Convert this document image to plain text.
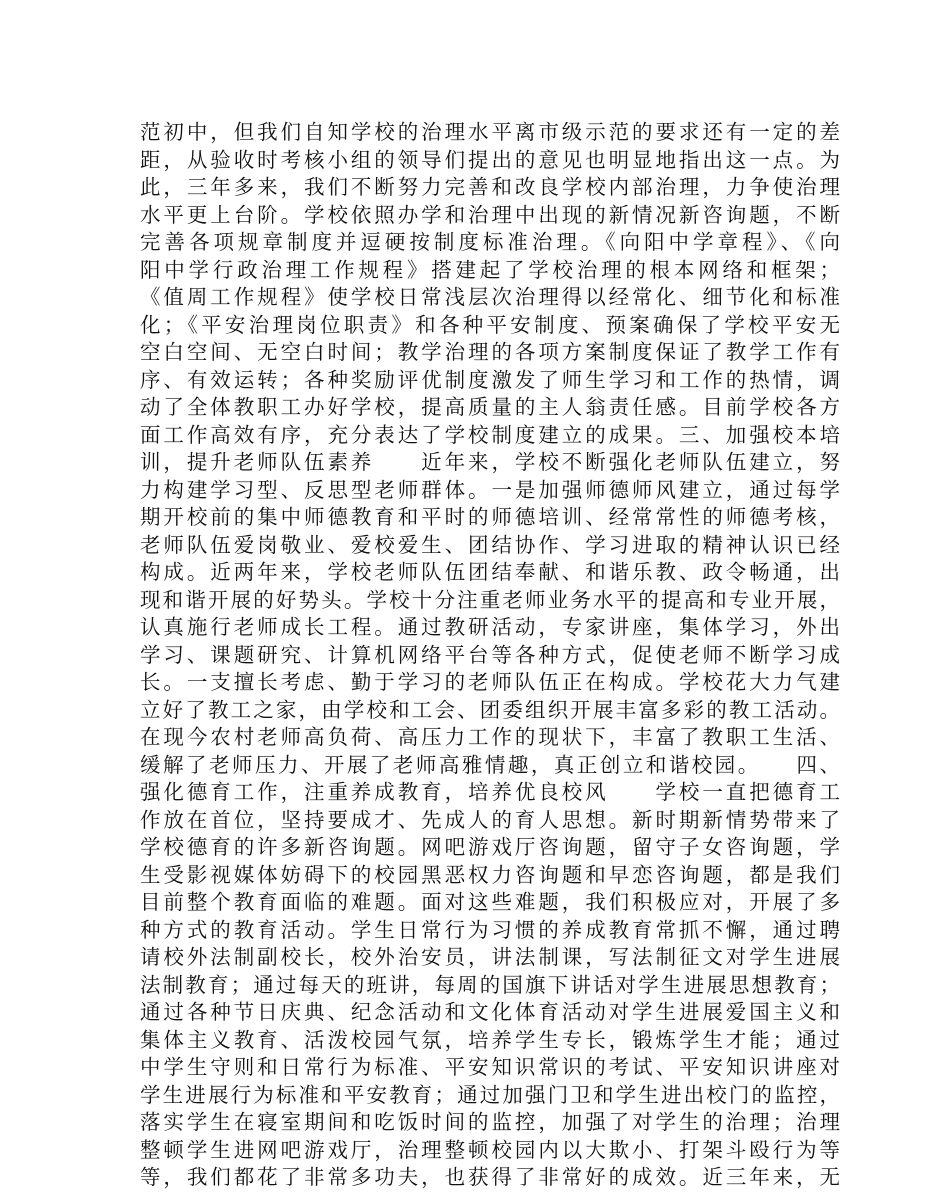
范初中，但我们自知学校的治理水平离市级示范的要求还有一定的差
距，从验收时考核小组的领导们提出的意见也明显地指出这一点。为
此，三年多来，我们不断努力完善和改良学校内部治理，力争使治理
水平更上台阶。学校依照办学和治理中出现的新情况新咨询题，不断
完善各项规章制度并逗硬按制度标准治理。《向阳中学章程》、《向
阳中学行政治理工作规程》搭建起了学校治理的根本网络和框架；
《值周工作规程》使学校日常浅层次治理得以经常化、细节化和标准
化；《平安治理岗位职责》和各种平安制度、预案确保了学校平安无
空白空间、无空白时间；教学治理的各项方案制度保证了教学工作有
序、有效运转；各种奖励评优制度激发了师生学习和工作的热情，调
动了全体教职工办好学校，提高质量的主人翁责任感。目前学校各方
面工作高效有序，充分表达了学校制度建立的成果。三、加强校本培
训，提升老师队伍素养　　近年来，学校不断强化老师队伍建立，努
力构建学习型、反思型老师群体。一是加强师德师风建立，通过每学
期开校前的集中师德教育和平时的师德培训、经常常性的师德考核，
老师队伍爱岗敬业、爱校爱生、团结协作、学习进取的精神认识已经
构成。近两年来，学校老师队伍团结奉献、和谐乐教、政令畅通，出
现和谐开展的好势头。学校十分注重老师业务水平的提高和专业开展，
认真施行老师成长工程。通过教研活动，专家讲座，集体学习，外出
学习、课题研究、计算机网络平台等各种方式，促使老师不断学习成
长。一支擅长考虑、勤于学习的老师队伍正在构成。学校花大力气建
立好了教工之家，由学校和工会、团委组织开展丰富多彩的教工活动。
在现今农村老师高负荷、高压力工作的现状下，丰富了教职工生活、
缓解了老师压力、开展了老师高雅情趣，真正创立和谐校园。　　四、
强化德育工作，注重养成教育，培养优良校风　　学校一直把德育工
作放在首位，坚持要成才、先成人的育人思想。新时期新情势带来了
学校德育的许多新咨询题。网吧游戏厅咨询题，留守子女咨询题，学
生受影视媒体妨碍下的校园黑恶权力咨询题和早恋咨询题，都是我们
目前整个教育面临的难题。面对这些难题，我们积极应对，开展了多
种方式的教育活动。学生日常行为习惯的养成教育常抓不懈，通过聘
请校外法制副校长，校外治安员，讲法制课，写法制征文对学生进展
法制教育；通过每天的班讲，每周的国旗下讲话对学生进展思想教育；
通过各种节日庆典、纪念活动和文化体育活动对学生进展爱国主义和
集体主义教育、活泼校园气氛，培养学生专长，锻炼学生才能；通过
中学生守则和日常行为标准、平安知识常识的考试、平安知识讲座对
学生进展行为标准和平安教育；通过加强门卫和学生进出校门的监控，
落实学生在寝室期间和吃饭时间的监控，加强了对学生的治理；治理
整顿学生进网吧游戏厅，治理整顿校园内以大欺小、打架斗殴行为等
等，我们都花了非常多功夫，也获得了非常好的成效。近三年来，无
